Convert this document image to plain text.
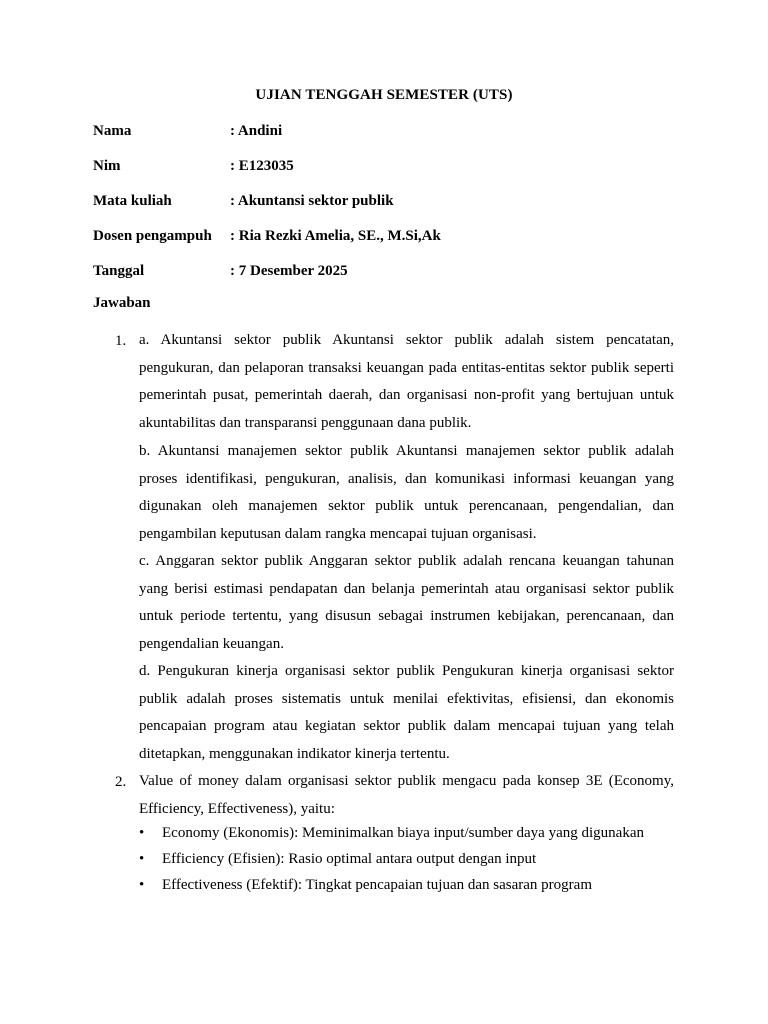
UJIAN TENGGAH SEMESTER (UTS)
Nama	: Andini
Nim	: E123035
Mata kuliah	: Akuntansi sektor publik
Dosen pengampuh : Ria Rezki Amelia, SE., M.Si,Ak
Tanggal	: 7 Desember 2025
Jawaban
1. a. Akuntansi sektor publik Akuntansi sektor publik adalah sistem pencatatan, pengukuran, dan pelaporan transaksi keuangan pada entitas-entitas sektor publik seperti pemerintah pusat, pemerintah daerah, dan organisasi non-profit yang bertujuan untuk akuntabilitas dan transparansi penggunaan dana publik.
b. Akuntansi manajemen sektor publik Akuntansi manajemen sektor publik adalah proses identifikasi, pengukuran, analisis, dan komunikasi informasi keuangan yang digunakan oleh manajemen sektor publik untuk perencanaan, pengendalian, dan pengambilan keputusan dalam rangka mencapai tujuan organisasi.
c. Anggaran sektor publik Anggaran sektor publik adalah rencana keuangan tahunan yang berisi estimasi pendapatan dan belanja pemerintah atau organisasi sektor publik untuk periode tertentu, yang disusun sebagai instrumen kebijakan, perencanaan, dan pengendalian keuangan.
d. Pengukuran kinerja organisasi sektor publik Pengukuran kinerja organisasi sektor publik adalah proses sistematis untuk menilai efektivitas, efisiensi, dan ekonomis pencapaian program atau kegiatan sektor publik dalam mencapai tujuan yang telah ditetapkan, menggunakan indikator kinerja tertentu.
2. Value of money dalam organisasi sektor publik mengacu pada konsep 3E (Economy, Efficiency, Effectiveness), yaitu:
• Economy (Ekonomis): Meminimalkan biaya input/sumber daya yang digunakan
• Efficiency (Efisien): Rasio optimal antara output dengan input
• Effectiveness (Efektif): Tingkat pencapaian tujuan dan sasaran program
